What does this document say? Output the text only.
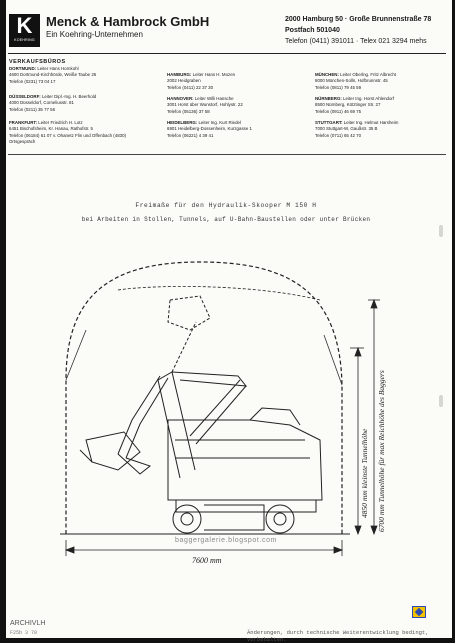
K
KOEHRING
Menck & Hambrock GmbH
Ein Koehring-Unternehmen
2000 Hamburg 50 · Große Brunnenstraße 78
Postfach 501040
Telefon (0411) 391011 · Telex 021 3294 mehs
VERKAUFSBÜROS
DORTMUND: Leiter Hans Hornkohl
4600 Dortmund-Kirchhörde, Weiße Taube 25
Telefon (0231) 73 04 17
DÜSSELDORF: Leiter Dipl.-Ing. H. Beerhold
4000 Düsseldorf, Corneliusstr. 81
Telefon (0211) 35 77 56
FRANKFURT: Leiter Friedrich H. Lotz
6451 Bischofsheim, Kr. Hanau, Rathofstr. 5
Telefon (06184) 61 07 v. Ohanetz Flin und Offenbach (4830) Ortsgespräch
HAMBURG: Leiter Hans H. Mozen
2002 Heidgraben
Telefon (0411) 22 37 30
HANNOVER: Leiter Willi Hansche
3001 Horst über Wunstorf, Hohlystr. 22
Telefon (05136) 37 58
HEIDELBERG: Leiter Ing. Kurt Riedel
6901 Heidelberg-Dossenheim, Kurzgasse 1
Telefon (06221) 4 39 41
MÜNCHEN: Leiter Oberlng. Fritz Albrecht
8000 München-Solln, Hofbrunnstr. 45
Telefon (0811) 79 45 59
NÜRNBERG: Leiter Ing. Horst Ahlendorf
8500 Nürnberg, Kötztinger Str. 27
Telefon (0911) 46 69 75
STUTTGART: Leiter Ing. Helmut Harsheim
7000 Stuttgart-W, Gaußstr. 35 B
Telefon (0711) 65 42 70
Freimaße für den Hydraulik-Skooper M 150 H
bei Arbeiten in Stollen, Tunnels, auf U-Bahn-Baustellen oder unter Brücken
4850 mm kleinste Tunnelhöhe 6700 mm Tunnelhöhe für max Reichhöhe des Baggers
baggergalerie.blogspot.com
7600 mm
ARCHIVLH
F25b 3 70	Änderungen, durch technische Weiterentwicklung bedingt, vorbehalten.
